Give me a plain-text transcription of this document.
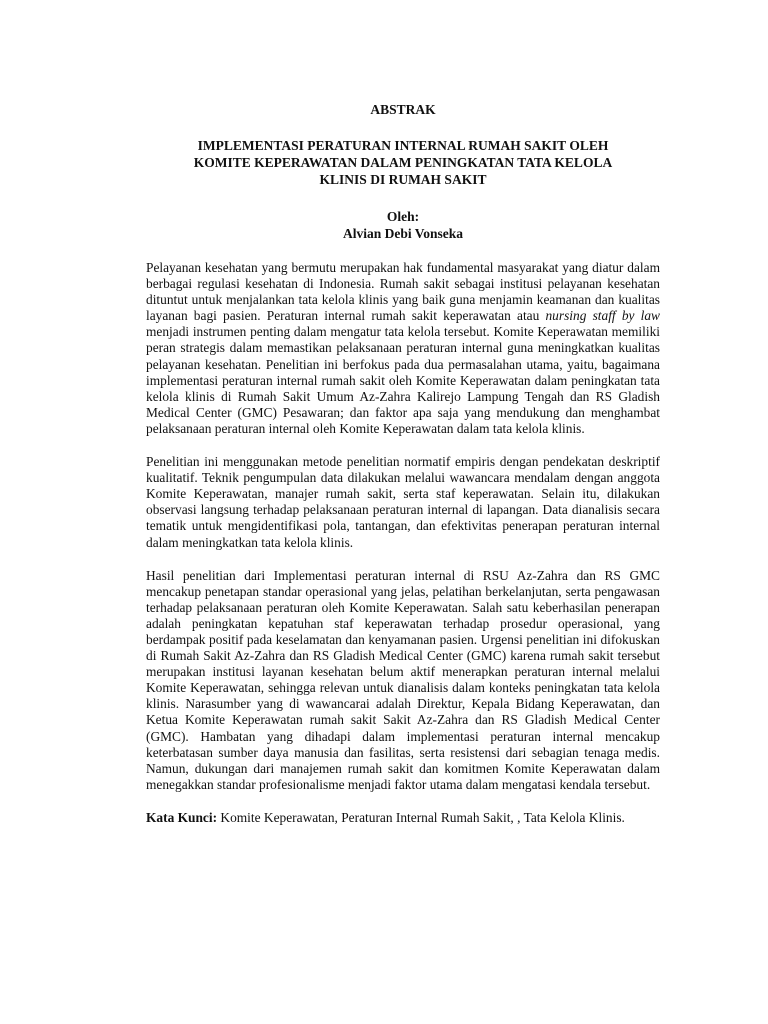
ABSTRAK

IMPLEMENTASI PERATURAN INTERNAL RUMAH SAKIT OLEH

KOMITE KEPERAWATAN DALAM PENINGKATAN TATA KELOLA

KLINIS DI RUMAH SAKIT

Oleh:

Alvian Debi Vonseka

Pelayanan kesehatan yang bermutu merupakan hak fundamental masyarakat yang diatur dalam berbagai regulasi kesehatan di Indonesia. Rumah sakit sebagai institusi pelayanan kesehatan dituntut untuk menjalankan tata kelola klinis yang baik guna menjamin keamanan dan kualitas layanan bagi pasien. Peraturan internal rumah sakit keperawatan atau nursing staff by law menjadi instrumen penting dalam mengatur tata kelola tersebut. Komite Keperawatan memiliki peran strategis dalam memastikan pelaksanaan peraturan internal guna meningkatkan kualitas pelayanan kesehatan. Penelitian ini berfokus pada dua permasalahan utama, yaitu, bagaimana implementasi peraturan internal rumah sakit oleh Komite Keperawatan dalam peningkatan tata kelola klinis di Rumah Sakit Umum Az-Zahra Kalirejo Lampung Tengah dan RS Gladish Medical Center (GMC) Pesawaran; dan faktor apa saja yang mendukung dan menghambat pelaksanaan peraturan internal oleh Komite Keperawatan dalam tata kelola klinis.

Penelitian ini menggunakan metode penelitian normatif empiris dengan pendekatan deskriptif kualitatif. Teknik pengumpulan data dilakukan melalui wawancara mendalam dengan anggota Komite Keperawatan, manajer rumah sakit, serta staf keperawatan. Selain itu, dilakukan observasi langsung terhadap pelaksanaan peraturan internal di lapangan. Data dianalisis secara tematik untuk mengidentifikasi pola, tantangan, dan efektivitas penerapan peraturan internal dalam meningkatkan tata kelola klinis.

Hasil penelitian dari Implementasi peraturan internal di RSU Az-Zahra dan RS GMC mencakup penetapan standar operasional yang jelas, pelatihan berkelanjutan, serta pengawasan terhadap pelaksanaan peraturan oleh Komite Keperawatan. Salah satu keberhasilan penerapan adalah peningkatan kepatuhan staf keperawatan terhadap prosedur operasional, yang berdampak positif pada keselamatan dan kenyamanan pasien. Urgensi penelitian ini difokuskan di Rumah Sakit Az-Zahra dan RS Gladish Medical Center (GMC) karena rumah sakit tersebut merupakan institusi layanan kesehatan belum aktif menerapkan peraturan internal melalui Komite Keperawatan, sehingga relevan untuk dianalisis dalam konteks peningkatan tata kelola klinis. Narasumber yang di wawancarai adalah Direktur, Kepala Bidang Keperawatan, dan Ketua Komite Keperawatan rumah sakit Sakit Az-Zahra dan RS Gladish Medical Center (GMC). Hambatan yang dihadapi dalam implementasi peraturan internal mencakup keterbatasan sumber daya manusia dan fasilitas, serta resistensi dari sebagian tenaga medis. Namun, dukungan dari manajemen rumah sakit dan komitmen Komite Keperawatan dalam menegakkan standar profesionalisme menjadi faktor utama dalam mengatasi kendala tersebut.

Kata Kunci: Komite Keperawatan, Peraturan Internal Rumah Sakit, , Tata Kelola Klinis.
